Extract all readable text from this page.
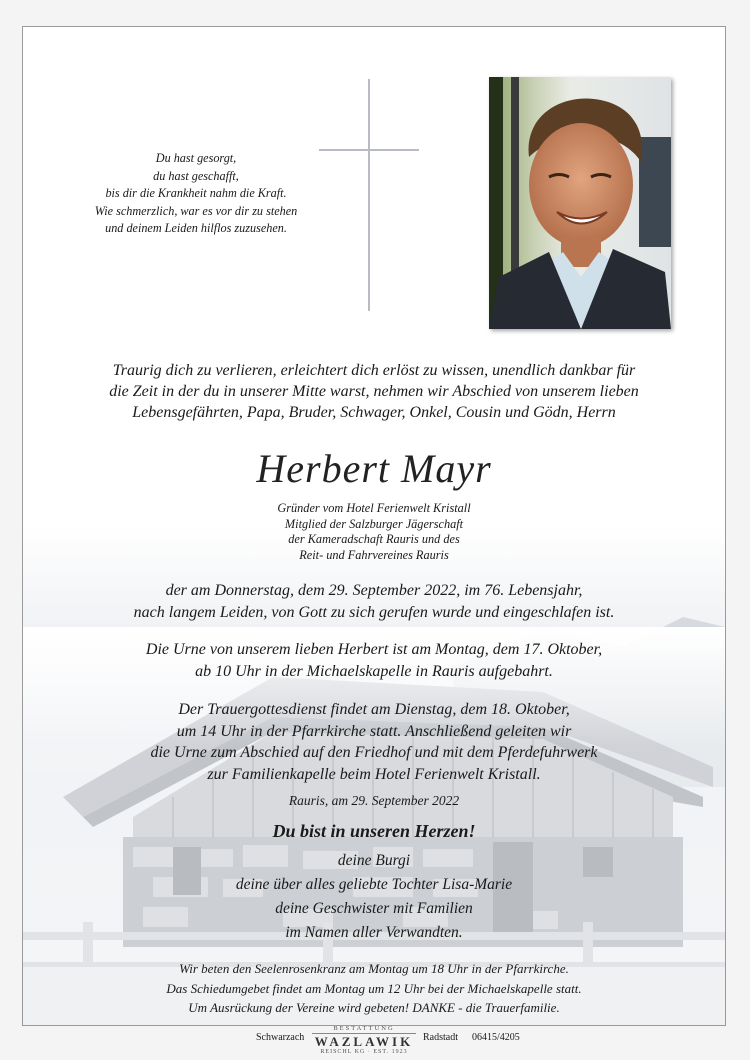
Du hast gesorgt,
du hast geschafft,
bis dir die Krankheit nahm die Kraft.
Wie schmerzlich, war es vor dir zu stehen
und deinem Leiden hilflos zuzusehen.
Traurig dich zu verlieren, erleichtert dich erlöst zu wissen, unendlich dankbar für
die Zeit in der du in unserer Mitte warst, nehmen wir Abschied von unserem lieben
Lebensgefährten, Papa, Bruder, Schwager, Onkel, Cousin und Gödn, Herrn
Herbert Mayr
Gründer vom Hotel Ferienwelt Kristall
Mitglied der Salzburger Jägerschaft
der Kameradschaft Rauris und des
Reit- und Fahrvereines Rauris
der am Donnerstag, dem 29. September 2022, im 76. Lebensjahr,
nach langem Leiden, von Gott zu sich gerufen wurde und eingeschlafen ist.
Die Urne von unserem lieben Herbert ist am Montag, dem 17. Oktober,
ab 10 Uhr in der Michaelskapelle in Rauris aufgebahrt.
Der Trauergottesdienst findet am Dienstag, dem 18. Oktober,
um 14 Uhr in der Pfarrkirche statt. Anschließend geleiten wir
die Urne zum Abschied auf den Friedhof und mit dem Pferdefuhrwerk
zur Familienkapelle beim Hotel Ferienwelt Kristall.
Rauris, am 29. September 2022
Du bist in unseren Herzen!
deine Burgi
deine über alles geliebte Tochter Lisa-Marie
deine Geschwister mit Familien
im Namen aller Verwandten.
Wir beten den Seelenrosenkranz am Montag um 18 Uhr in der Pfarrkirche.
Das Schiedumgebet findet am Montag um 12 Uhr bei der Michaelskapelle statt.
Um Ausrückung der Vereine wird gebeten! DANKE - die Trauerfamilie.
Schwarzach
BESTATTUNG
WAZLAWIK
REISCHL KG · EST. 1923
Radstadt 06415/4205
